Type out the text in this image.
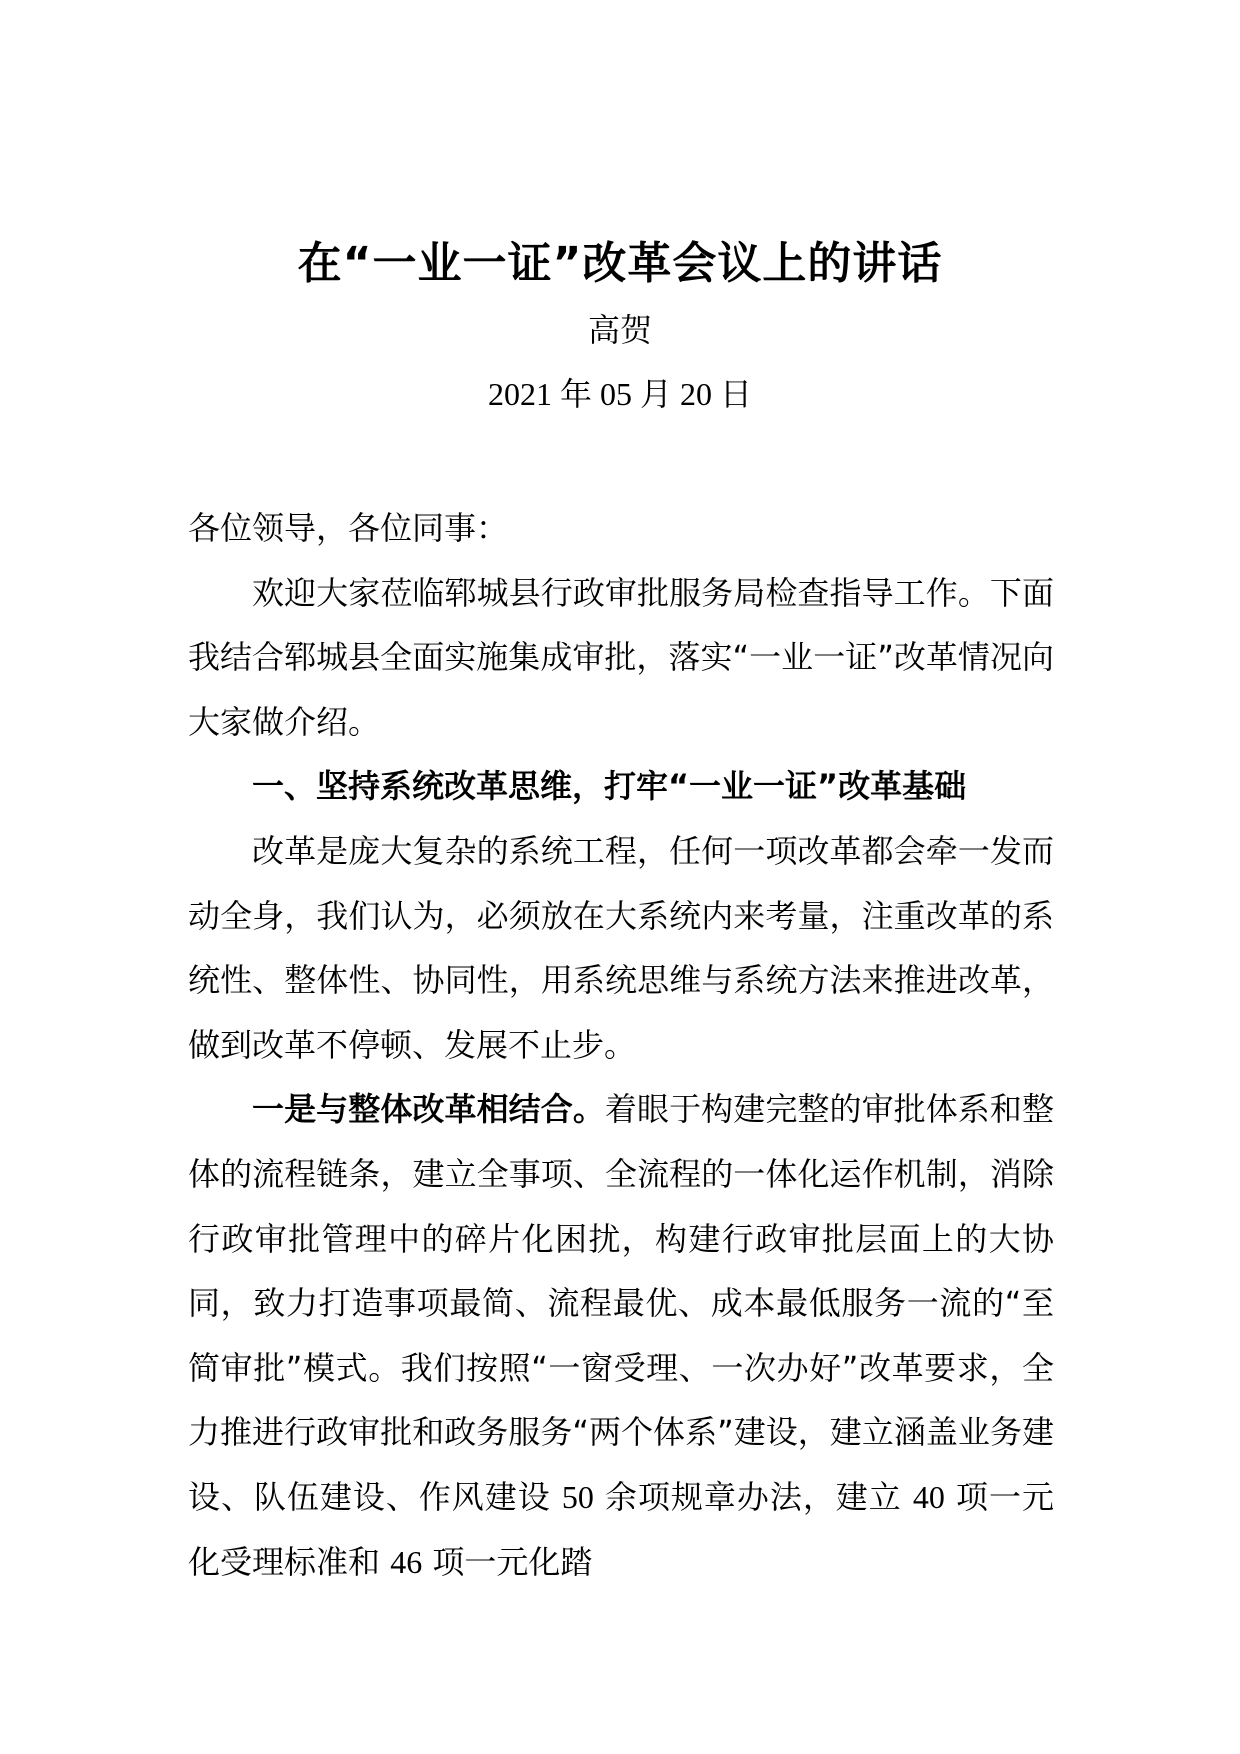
在“一业一证”改革会议上的讲话
高贺
2021 年 05 月 20 日

各位领导，各位同事：

欢迎大家莅临郓城县行政审批服务局检查指导工作。下面我结合郓城县全面实施集成审批，落实“一业一证”改革情况向大家做介绍。

一、坚持系统改革思维，打牢“一业一证”改革基础

改革是庞大复杂的系统工程，任何一项改革都会牵一发而动全身，我们认为，必须放在大系统内来考量，注重改革的系统性、整体性、协同性，用系统思维与系统方法来推进改革，做到改革不停顿、发展不止步。

一是与整体改革相结合。着眼于构建完整的审批体系和整体的流程链条，建立全事项、全流程的一体化运作机制，消除行政审批管理中的碎片化困扰，构建行政审批层面上的大协同，致力打造事项最简、流程最优、成本最低服务一流的“至简审批”模式。我们按照“一窗受理、一次办好”改革要求，全力推进行政审批和政务服务“两个体系”建设，建立涵盖业务建设、队伍建设、作风建设 50 余项规章办法，建立 40 项一元化受理标准和 46 项一元化踏
